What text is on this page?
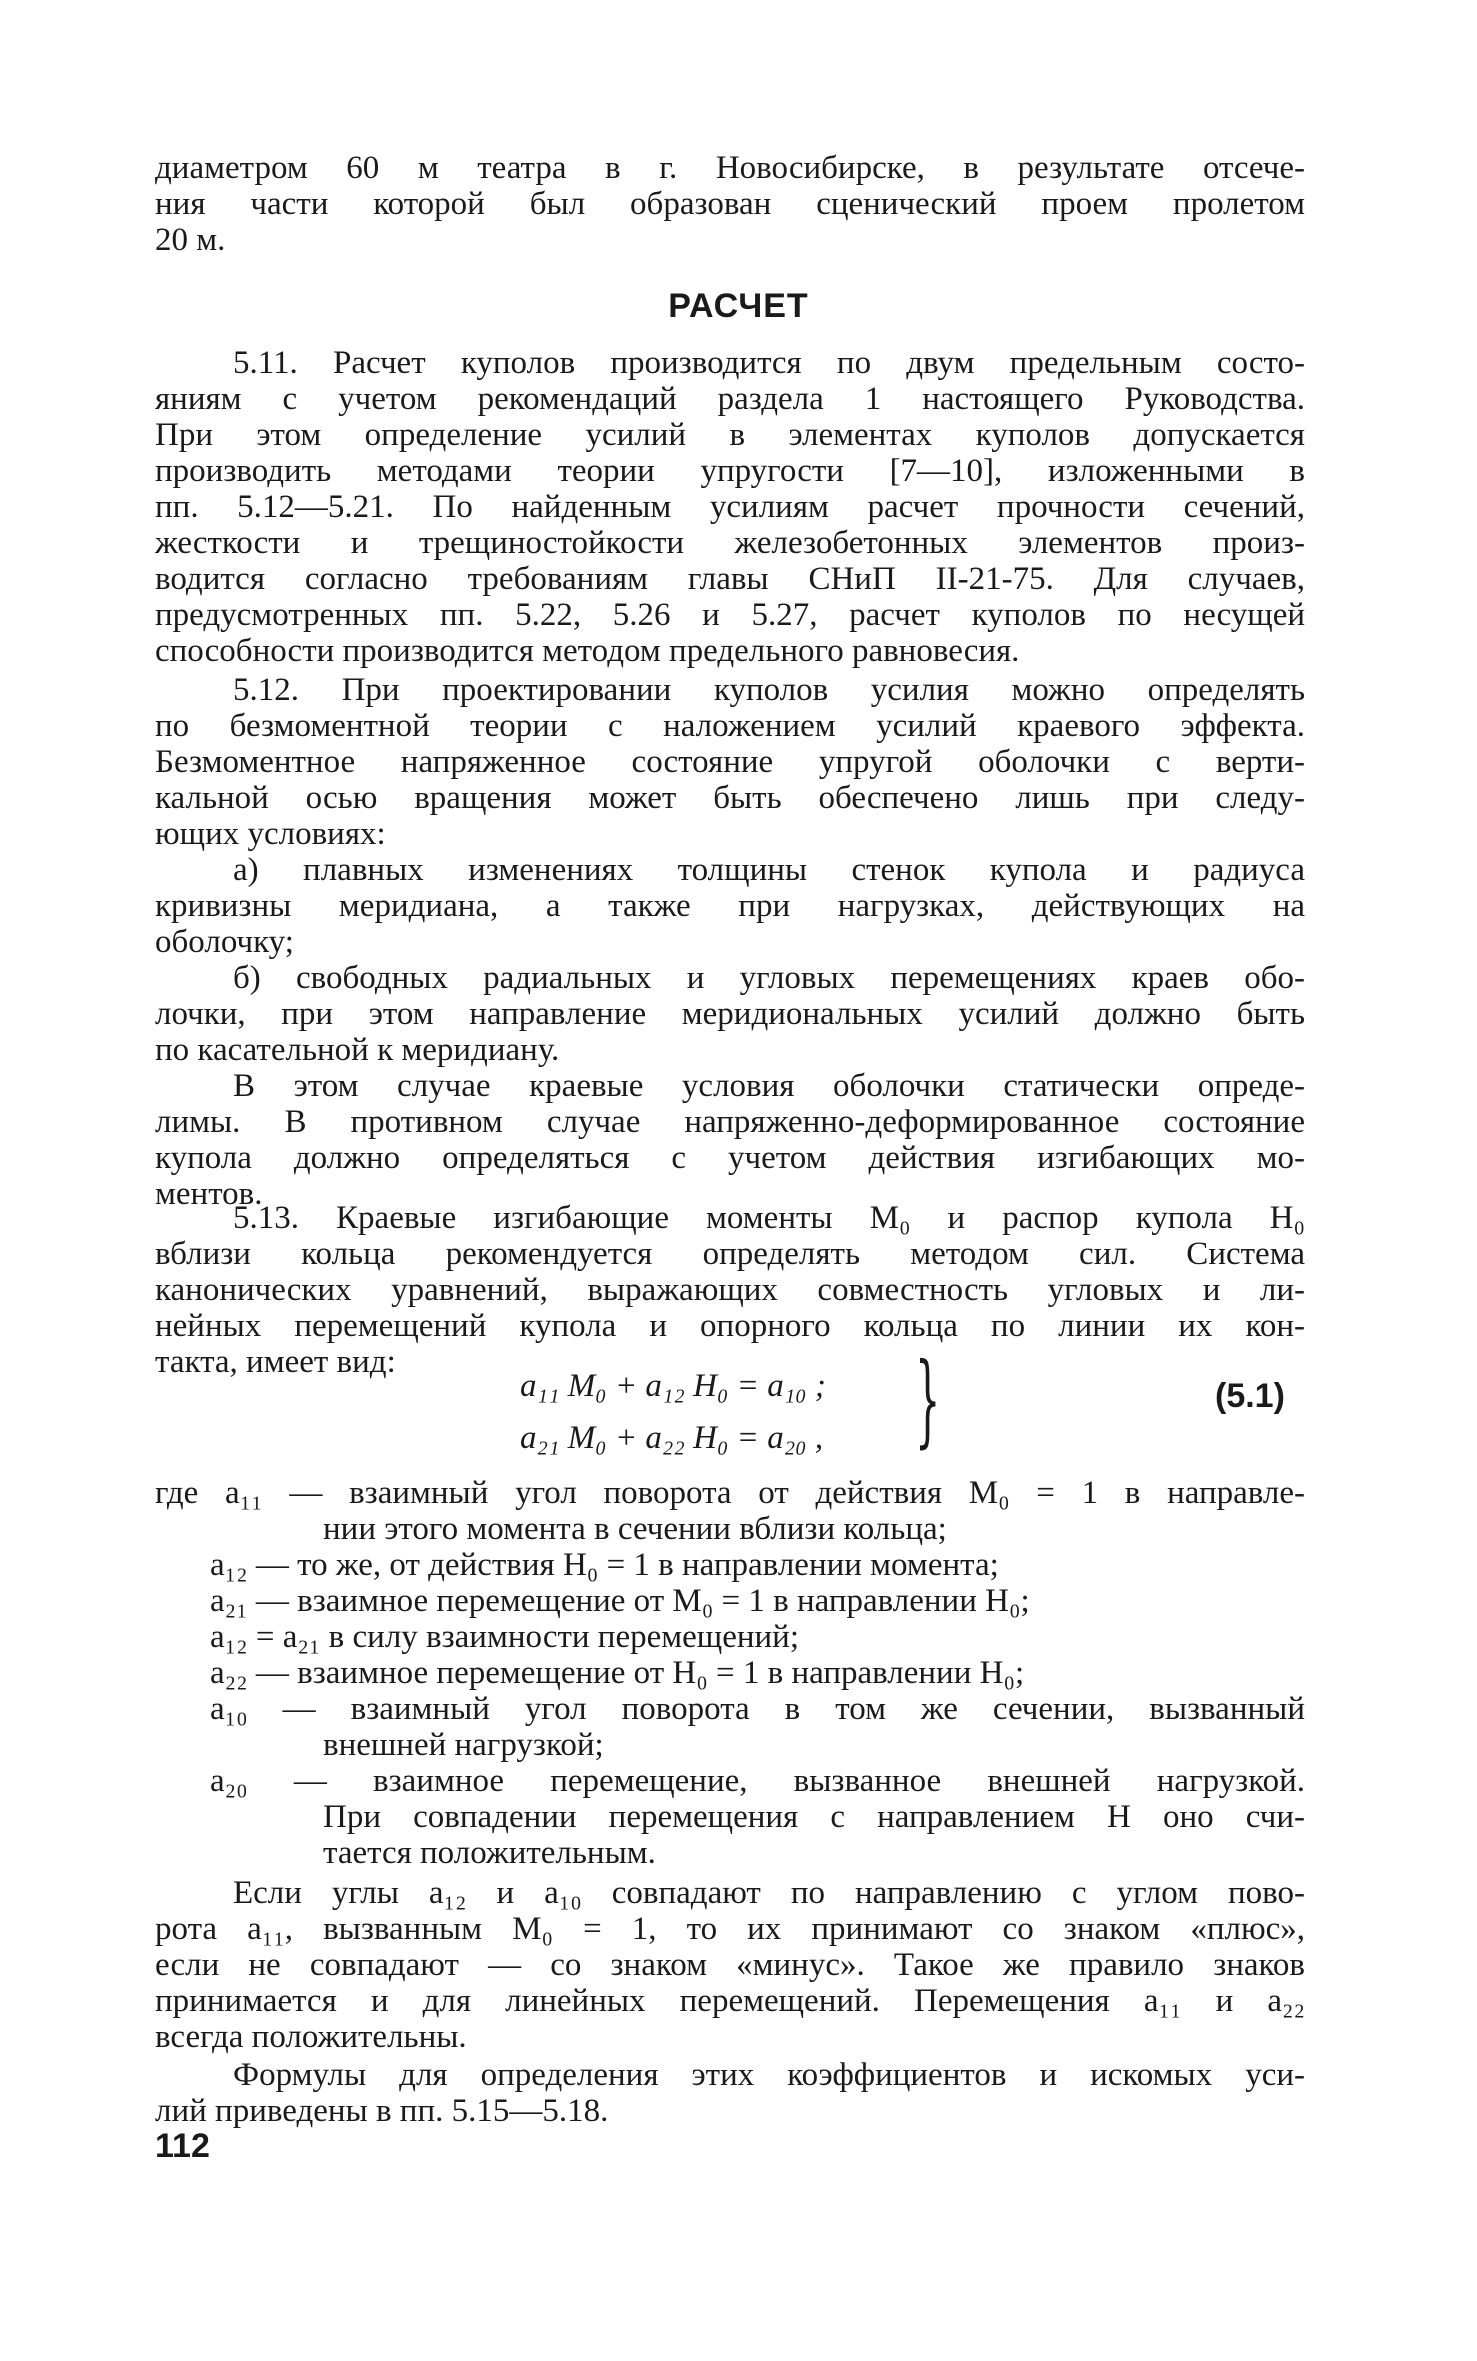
диаметром 60 м театра в г. Новосибирске, в результате отсече-
ния части которой был образован сценический проем пролетом
20 м.
РАСЧЕТ
5.11. Расчет куполов производится по двум предельным состо-
яниям с учетом рекомендаций раздела 1 настоящего Руководства.
При этом определение усилий в элементах куполов допускается
производить методами теории упругости [7—10], изложенными в
пп. 5.12—5.21. По найденным усилиям расчет прочности сечений,
жесткости и трещиностойкости железобетонных элементов произ-
водится согласно требованиям главы СНиП II-21-75. Для случаев,
предусмотренных пп. 5.22, 5.26 и 5.27, расчет куполов по несущей
способности производится методом предельного равновесия.
5.12. При проектировании куполов усилия можно определять
по безмоментной теории с наложением усилий краевого эффекта.
Безмоментное напряженное состояние упругой оболочки с верти-
кальной осью вращения может быть обеспечено лишь при следу-
ющих условиях:
а) плавных изменениях толщины стенок купола и радиуса
кривизны меридиана, а также при нагрузках, действующих на
оболочку;
б) свободных радиальных и угловых перемещениях краев обо-
лочки, при этом направление меридиональных усилий должно быть
по касательной к меридиану.
В этом случае краевые условия оболочки статически опреде-
лимы. В противном случае напряженно-деформированное состояние
купола должно определяться с учетом действия изгибающих мо-
ментов.
5.13. Краевые изгибающие моменты M₀ и распор купола H₀
вблизи кольца рекомендуется определять методом сил. Система
канонических уравнений, выражающих совместность угловых и ли-
нейных перемещений купола и опорного кольца по линии их кон-
такта, имеет вид:
a₁₁ M₀ + a₁₂ H₀ = a₁₀ ;
a₂₁ M₀ + a₂₂ H₀ = a₂₀ , }	(5.1)
где a₁₁ — взаимный угол поворота от действия M₀ = 1 в направле-
нии этого момента в сечении вблизи кольца;
a₁₂ — то же, от действия H₀ = 1 в направлении момента;
a₂₁ — взаимное перемещение от M₀ = 1 в направлении H₀;
a₁₂ = a₂₁ в силу взаимности перемещений;
a₂₂ — взаимное перемещение от H₀ = 1 в направлении H₀;
a₁₀ — взаимный угол поворота в том же сечении, вызванный
внешней нагрузкой;
a₂₀ — взаимное перемещение, вызванное внешней нагрузкой.
При совпадении перемещения с направлением H оно счи-
тается положительным.
Если углы a₁₂ и a₁₀ совпадают по направлению с углом пово-
рота a₁₁, вызванным M₀ = 1, то их принимают со знаком «плюс»,
если не совпадают — со знаком «минус». Такое же правило знаков
принимается и для линейных перемещений. Перемещения a₁₁ и a₂₂
всегда положительны.
Формулы для определения этих коэффициентов и искомых уси-
лий приведены в пп. 5.15—5.18.
112
